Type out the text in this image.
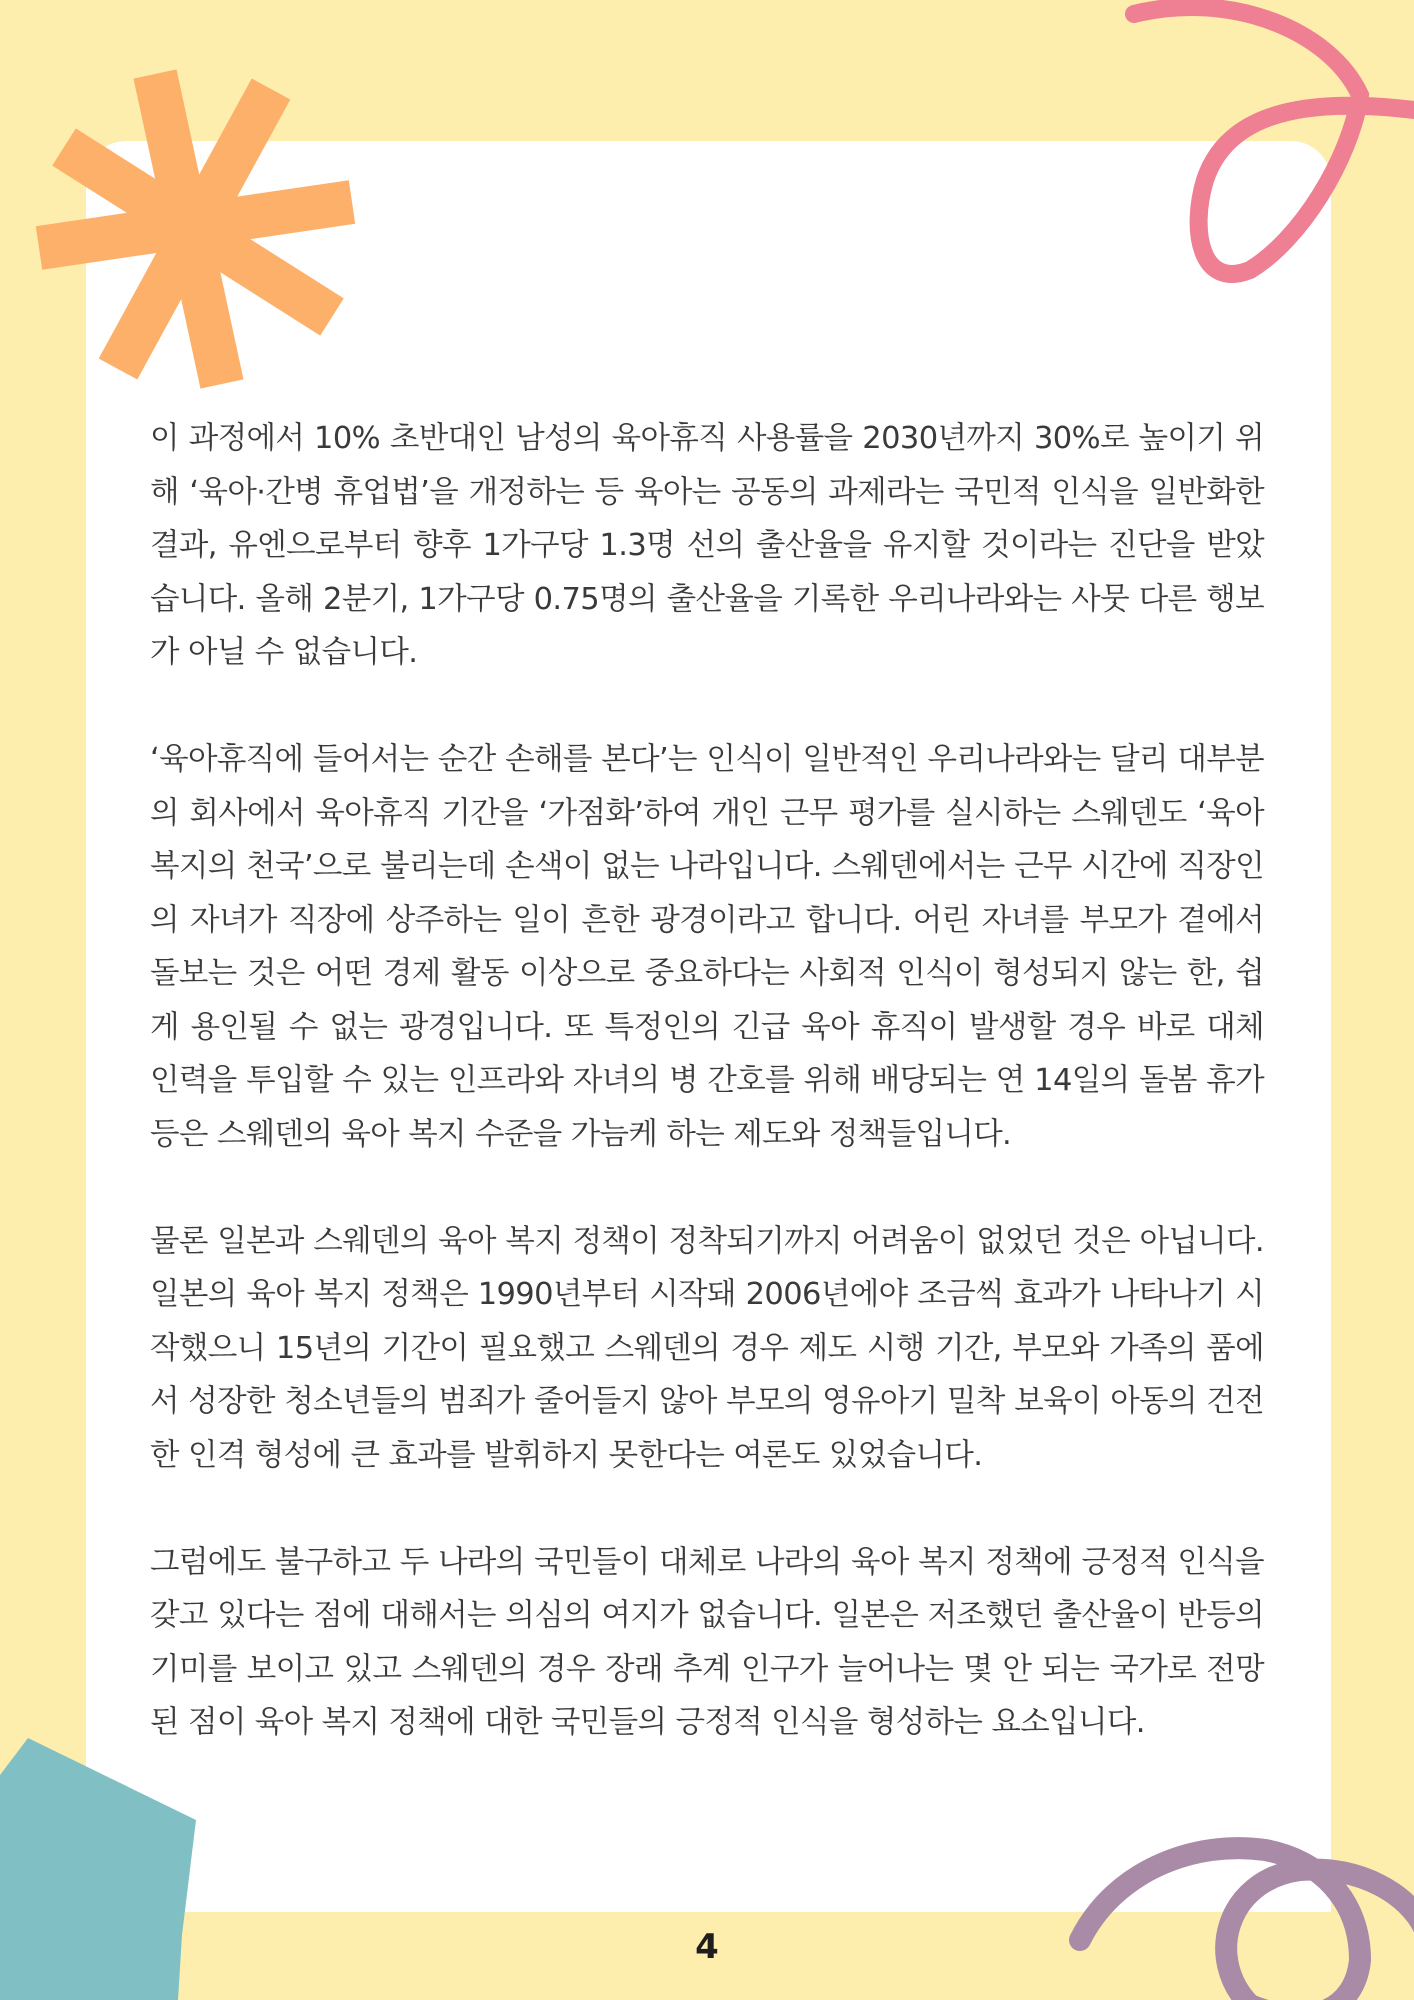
이 과정에서 10% 초반대인 남성의 육아휴직 사용률을 2030년까지 30%로 높이기 위해 ‘육아·간병 휴업법’을 개정하는 등 육아는 공동의 과제라는 국민적 인식을 일반화한 결과, 유엔으로부터 향후 1가구당 1.3명 선의 출산율을 유지할 것이라는 진단을 받았습니다. 올해 2분기, 1가구당 0.75명의 출산율을 기록한 우리나라와는 사뭇 다른 행보가 아닐 수 없습니다.

‘육아휴직에 들어서는 순간 손해를 본다’는 인식이 일반적인 우리나라와는 달리 대부분의 회사에서 육아휴직 기간을 ‘가점화’하여 개인 근무 평가를 실시하는 스웨덴도 ‘육아 복지의 천국’으로 불리는데 손색이 없는 나라입니다. 스웨덴에서는 근무 시간에 직장인의 자녀가 직장에 상주하는 일이 흔한 광경이라고 합니다. 어린 자녀를 부모가 곁에서 돌보는 것은 어떤 경제 활동 이상으로 중요하다는 사회적 인식이 형성되지 않는 한, 쉽게 용인될 수 없는 광경입니다. 또 특정인의 긴급 육아 휴직이 발생할 경우 바로 대체 인력을 투입할 수 있는 인프라와 자녀의 병 간호를 위해 배당되는 연 14일의 돌봄 휴가 등은 스웨덴의 육아 복지 수준을 가늠케 하는 제도와 정책들입니다.

물론 일본과 스웨덴의 육아 복지 정책이 정착되기까지 어려움이 없었던 것은 아닙니다. 일본의 육아 복지 정책은 1990년부터 시작돼 2006년에야 조금씩 효과가 나타나기 시작했으니 15년의 기간이 필요했고 스웨덴의 경우 제도 시행 기간, 부모와 가족의 품에서 성장한 청소년들의 범죄가 줄어들지 않아 부모의 영유아기 밀착 보육이 아동의 건전한 인격 형성에 큰 효과를 발휘하지 못한다는 여론도 있었습니다.

그럼에도 불구하고 두 나라의 국민들이 대체로 나라의 육아 복지 정책에 긍정적 인식을 갖고 있다는 점에 대해서는 의심의 여지가 없습니다. 일본은 저조했던 출산율이 반등의 기미를 보이고 있고 스웨덴의 경우 장래 추계 인구가 늘어나는 몇 안 되는 국가로 전망된 점이 육아 복지 정책에 대한 국민들의 긍정적 인식을 형성하는 요소입니다.

4
